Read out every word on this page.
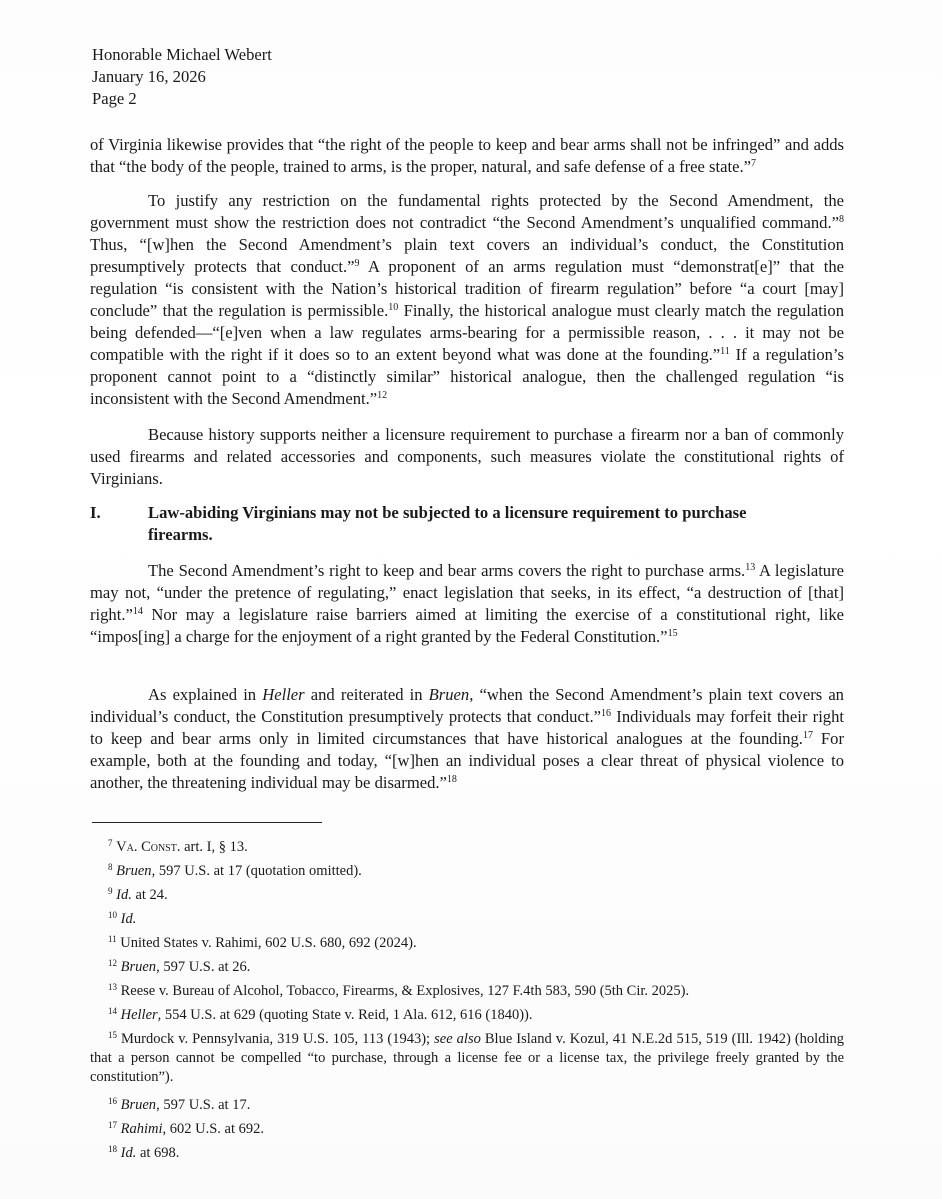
Honorable Michael Webert
January 16, 2026
Page 2

of Virginia likewise provides that “the right of the people to keep and bear arms shall not be infringed” and adds that “the body of the people, trained to arms, is the proper, natural, and safe defense of a free state.”$^7$

To justify any restriction on the fundamental rights protected by the Second Amendment, the government must show the restriction does not contradict “the Second Amendment’s unqualified command.”$^8$ Thus, “[w]hen the Second Amendment’s plain text covers an individual’s conduct, the Constitution presumptively protects that conduct.”$^9$ A proponent of an arms regulation must “demonstrat[e]” that the regulation “is consistent with the Nation’s historical tradition of firearm regulation” before “a court [may] conclude” that the regulation is permissible.$^{10}$ Finally, the historical analogue must clearly match the regulation being defended—“[e]ven when a law regulates arms-bearing for a permissible reason, . . . it may not be compatible with the right if it does so to an extent beyond what was done at the founding.”$^{11}$ If a regulation’s proponent cannot point to a “distinctly similar” historical analogue, then the challenged regulation “is inconsistent with the Second Amendment.”$^{12}$

Because history supports neither a licensure requirement to purchase a firearm nor a ban of commonly used firearms and related accessories and components, such measures violate the constitutional rights of Virginians.

I.	Law-abiding Virginians may not be subjected to a licensure requirement to purchase firearms.

The Second Amendment’s right to keep and bear arms covers the right to purchase arms.$^{13}$ A legislature may not, “under the pretence of regulating,” enact legislation that seeks, in its effect, “a destruction of [that] right.”$^{14}$ Nor may a legislature raise barriers aimed at limiting the exercise of a constitutional right, like “impos[ing] a charge for the enjoyment of a right granted by the Federal Constitution.”$^{15}$

As explained in Heller and reiterated in Bruen, “when the Second Amendment’s plain text covers an individual’s conduct, the Constitution presumptively protects that conduct.”$^{16}$ Individuals may forfeit their right to keep and bear arms only in limited circumstances that have historical analogues at the founding.$^{17}$ For example, both at the founding and today, “[w]hen an individual poses a clear threat of physical violence to another, the threatening individual may be disarmed.”$^{18}$

$^7$ Va. Const. art. I, § 13.
$^8$ Bruen, 597 U.S. at 17 (quotation omitted).
$^9$ Id. at 24.
$^{10}$ Id.
$^{11}$ United States v. Rahimi, 602 U.S. 680, 692 (2024).
$^{12}$ Bruen, 597 U.S. at 26.
$^{13}$ Reese v. Bureau of Alcohol, Tobacco, Firearms, & Explosives, 127 F.4th 583, 590 (5th Cir. 2025).
$^{14}$ Heller, 554 U.S. at 629 (quoting State v. Reid, 1 Ala. 612, 616 (1840)).
$^{15}$ Murdock v. Pennsylvania, 319 U.S. 105, 113 (1943); see also Blue Island v. Kozul, 41 N.E.2d 515, 519 (Ill. 1942) (holding that a person cannot be compelled “to purchase, through a license fee or a license tax, the privilege freely granted by the constitution”).
$^{16}$ Bruen, 597 U.S. at 17.
$^{17}$ Rahimi, 602 U.S. at 692.
$^{18}$ Id. at 698.
